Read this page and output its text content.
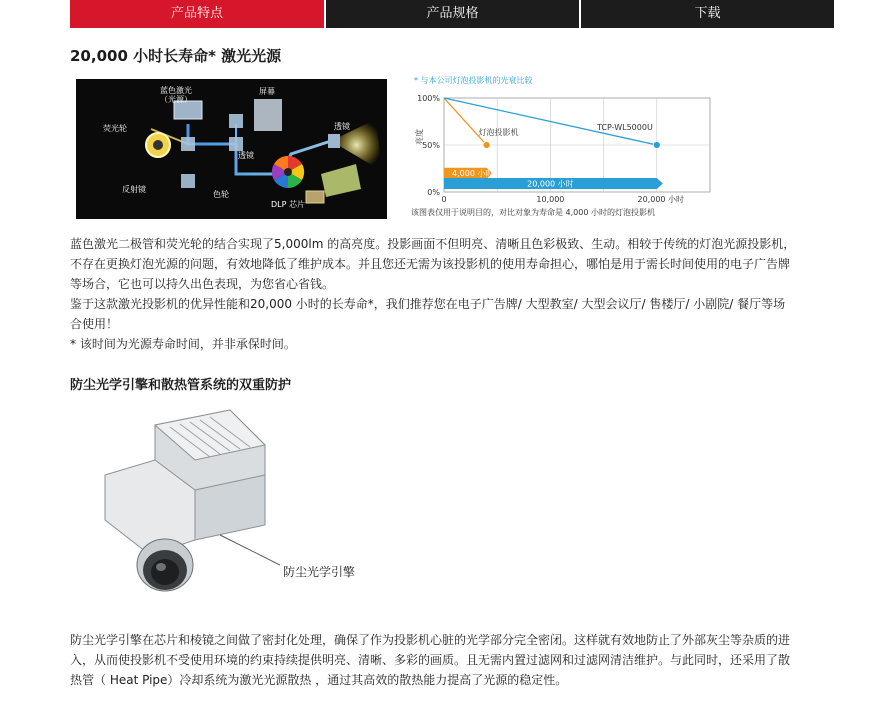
产品特点	产品规格	下载
20,000 小时长寿命* 激光光源
蓝色激光
（光源）
屏幕
荧光轮	透镜
透镜
反射镜
色轮
DLP 芯片
* 与本公司灯泡投影机的光衰比较
100%
50%
0%
亮度
0	10,000	20,000 小时
灯泡投影机
TCP-WL5000U
4,000 小时
20,000 小时
该图表仅用于说明目的，对比对象为寿命是 4,000 小时的灯泡投影机
蓝色激光二极管和荧光轮的结合实现了5,000lm 的高亮度。投影画面不但明亮、清晰且色彩极致、生动。相较于传统的灯泡光源投影机，
不存在更换灯泡光源的问题，有效地降低了维护成本。并且您还无需为该投影机的使用寿命担心，哪怕是用于需长时间使用的电子广告牌
等场合，它也可以持久出色表现，为您省心省钱。
鉴于这款激光投影机的优异性能和20,000 小时的长寿命*，我们推荐您在电子广告牌/ 大型教室/ 大型会议厅/ 售楼厅/ 小剧院/ 餐厅等场
合使用！
* 该时间为光源寿命时间，并非承保时间。
防尘光学引擎和散热管系统的双重防护
防尘光学引擎
防尘光学引擎在芯片和棱镜之间做了密封化处理，确保了作为投影机心脏的光学部分完全密闭。这样就有效地防止了外部灰尘等杂质的进
入，从而使投影机不受使用环境的约束持续提供明亮、清晰、多彩的画质。且无需内置过滤网和过滤网清洁维护。与此同时，还采用了散
热管（ Heat Pipe）冷却系统为激光光源散热 ，通过其高效的散热能力提高了光源的稳定性。
